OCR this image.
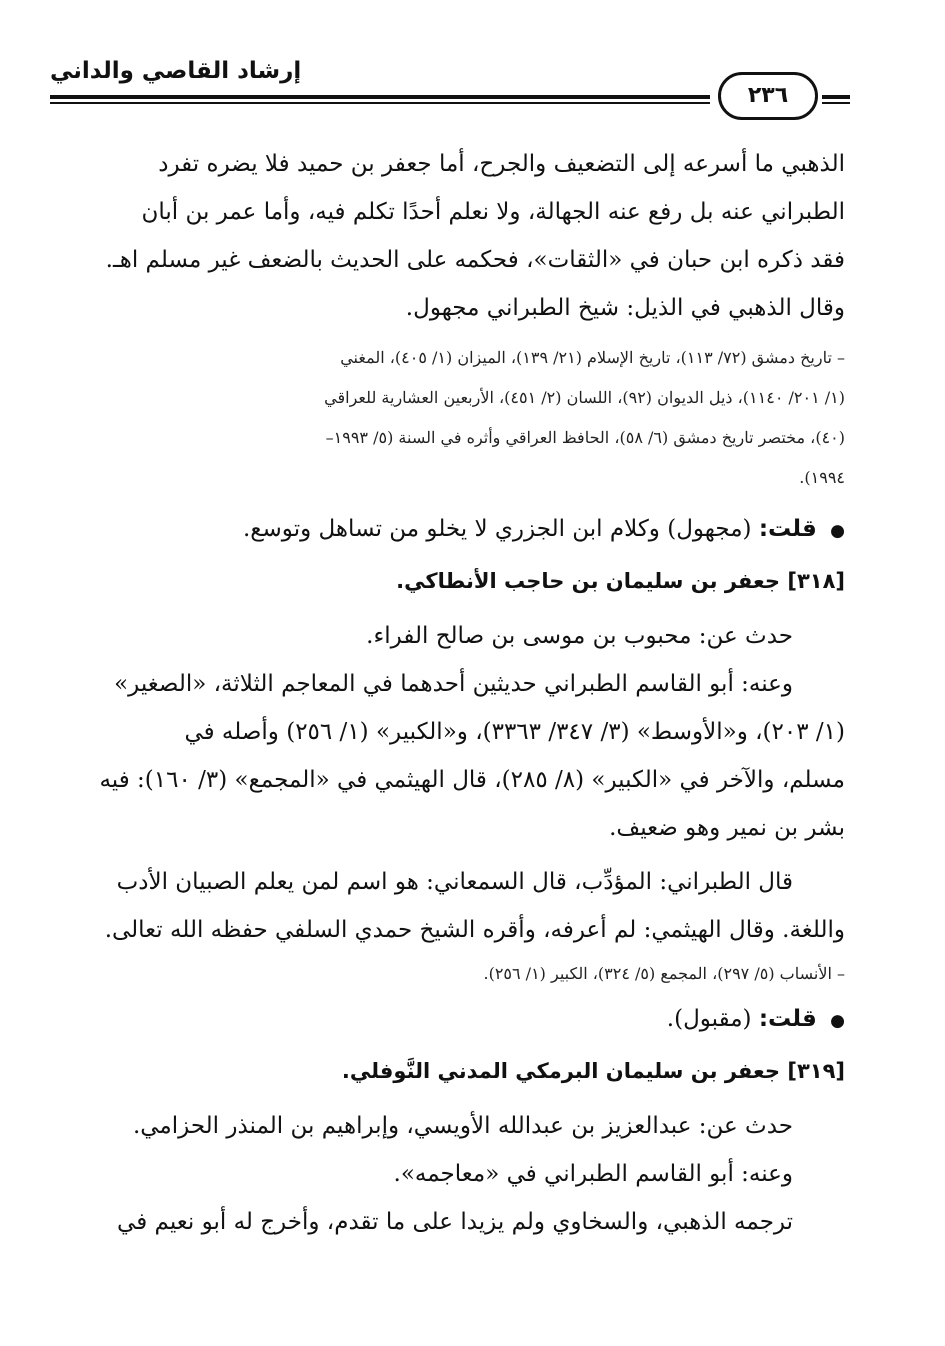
إرشاد القاصي والداني
٢٣٦
الذهبي ما أسرعه إلى التضعيف والجرح، أما جعفر بن حميد فلا يضره تفرد
الطبراني عنه بل رفع عنه الجهالة، ولا نعلم أحدًا تكلم فيه، وأما عمر بن أبان
فقد ذكره ابن حبان في «الثقات»، فحكمه على الحديث بالضعف غير مسلم اهـ.
وقال الذهبي في الذيل: شيخ الطبراني مجهول.
– تاريخ دمشق (٧٢/ ١١٣)، تاريخ الإسلام (٢١/ ١٣٩)، الميزان (١/ ٤٠٥)، المغني
(١/ ٢٠١/ ١١٤٠)، ذيل الديوان (٩٢)، اللسان (٢/ ٤٥١)، الأربعين العشارية للعراقي
(٤٠)، مختصر تاريخ دمشق (٦/ ٥٨)، الحافظ العراقي وأثره في السنة (٥/ ١٩٩٣–
١٩٩٤).
● قلت: (مجهول) وكلام ابن الجزري لا يخلو من تساهل وتوسع.
[٣١٨] جعفر بن سليمان بن حاجب الأنطاكي.
حدث عن: محبوب بن موسى بن صالح الفراء.
وعنه: أبو القاسم الطبراني حديثين أحدهما في المعاجم الثلاثة، «الصغير»
(١/ ٢٠٣)، و«الأوسط» (٣/ ٣٤٧/ ٣٣٦٣)، و«الكبير» (١/ ٢٥٦) وأصله في
مسلم، والآخر في «الكبير» (٨/ ٢٨٥)، قال الهيثمي في «المجمع» (٣/ ١٦٠): فيه
بشر بن نمير وهو ضعيف.
قال الطبراني: المؤدِّب، قال السمعاني: هو اسم لمن يعلم الصبيان الأدب
واللغة. وقال الهيثمي: لم أعرفه، وأقره الشيخ حمدي السلفي حفظه الله تعالى.
– الأنساب (٥/ ٢٩٧)، المجمع (٥/ ٣٢٤)، الكبير (١/ ٢٥٦).
● قلت: (مقبول).
[٣١٩] جعفر بن سليمان البرمكي المدني النَّوفلي.
حدث عن: عبدالعزيز بن عبدالله الأويسي، وإبراهيم بن المنذر الحزامي.
وعنه: أبو القاسم الطبراني في «معاجمه».
ترجمه الذهبي، والسخاوي ولم يزيدا على ما تقدم، وأخرج له أبو نعيم في
